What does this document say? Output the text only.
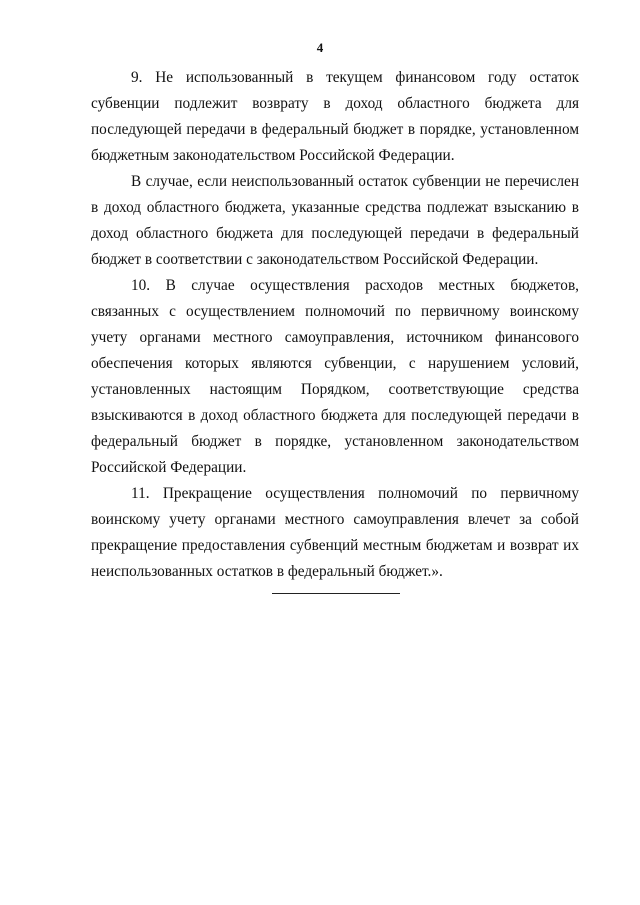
4

9. Не использованный в текущем финансовом году остаток субвенции подлежит возврату в доход областного бюджета для последующей передачи в федеральный бюджет в порядке, установленном бюджетным законодательством Российской Федерации.

В случае, если неиспользованный остаток субвенции не перечислен в доход областного бюджета, указанные средства подлежат взысканию в доход областного бюджета для последующей передачи в федеральный бюджет в соответствии с законодательством Российской Федерации.

10. В случае осуществления расходов местных бюджетов, связанных с осуществлением полномочий по первичному воинскому учету органами местного самоуправления, источником финансового обеспечения которых являются субвенции, с нарушением условий, установленных настоящим Порядком, соответствующие средства взыскиваются в доход областного бюджета для последующей передачи в федеральный бюджет в порядке, установленном законодательством Российской Федерации.

11. Прекращение осуществления полномочий по первичному воинскому учету органами местного самоуправления влечет за собой прекращение предоставления субвенций местным бюджетам и возврат их неиспользованных остатков в федеральный бюджет.».
